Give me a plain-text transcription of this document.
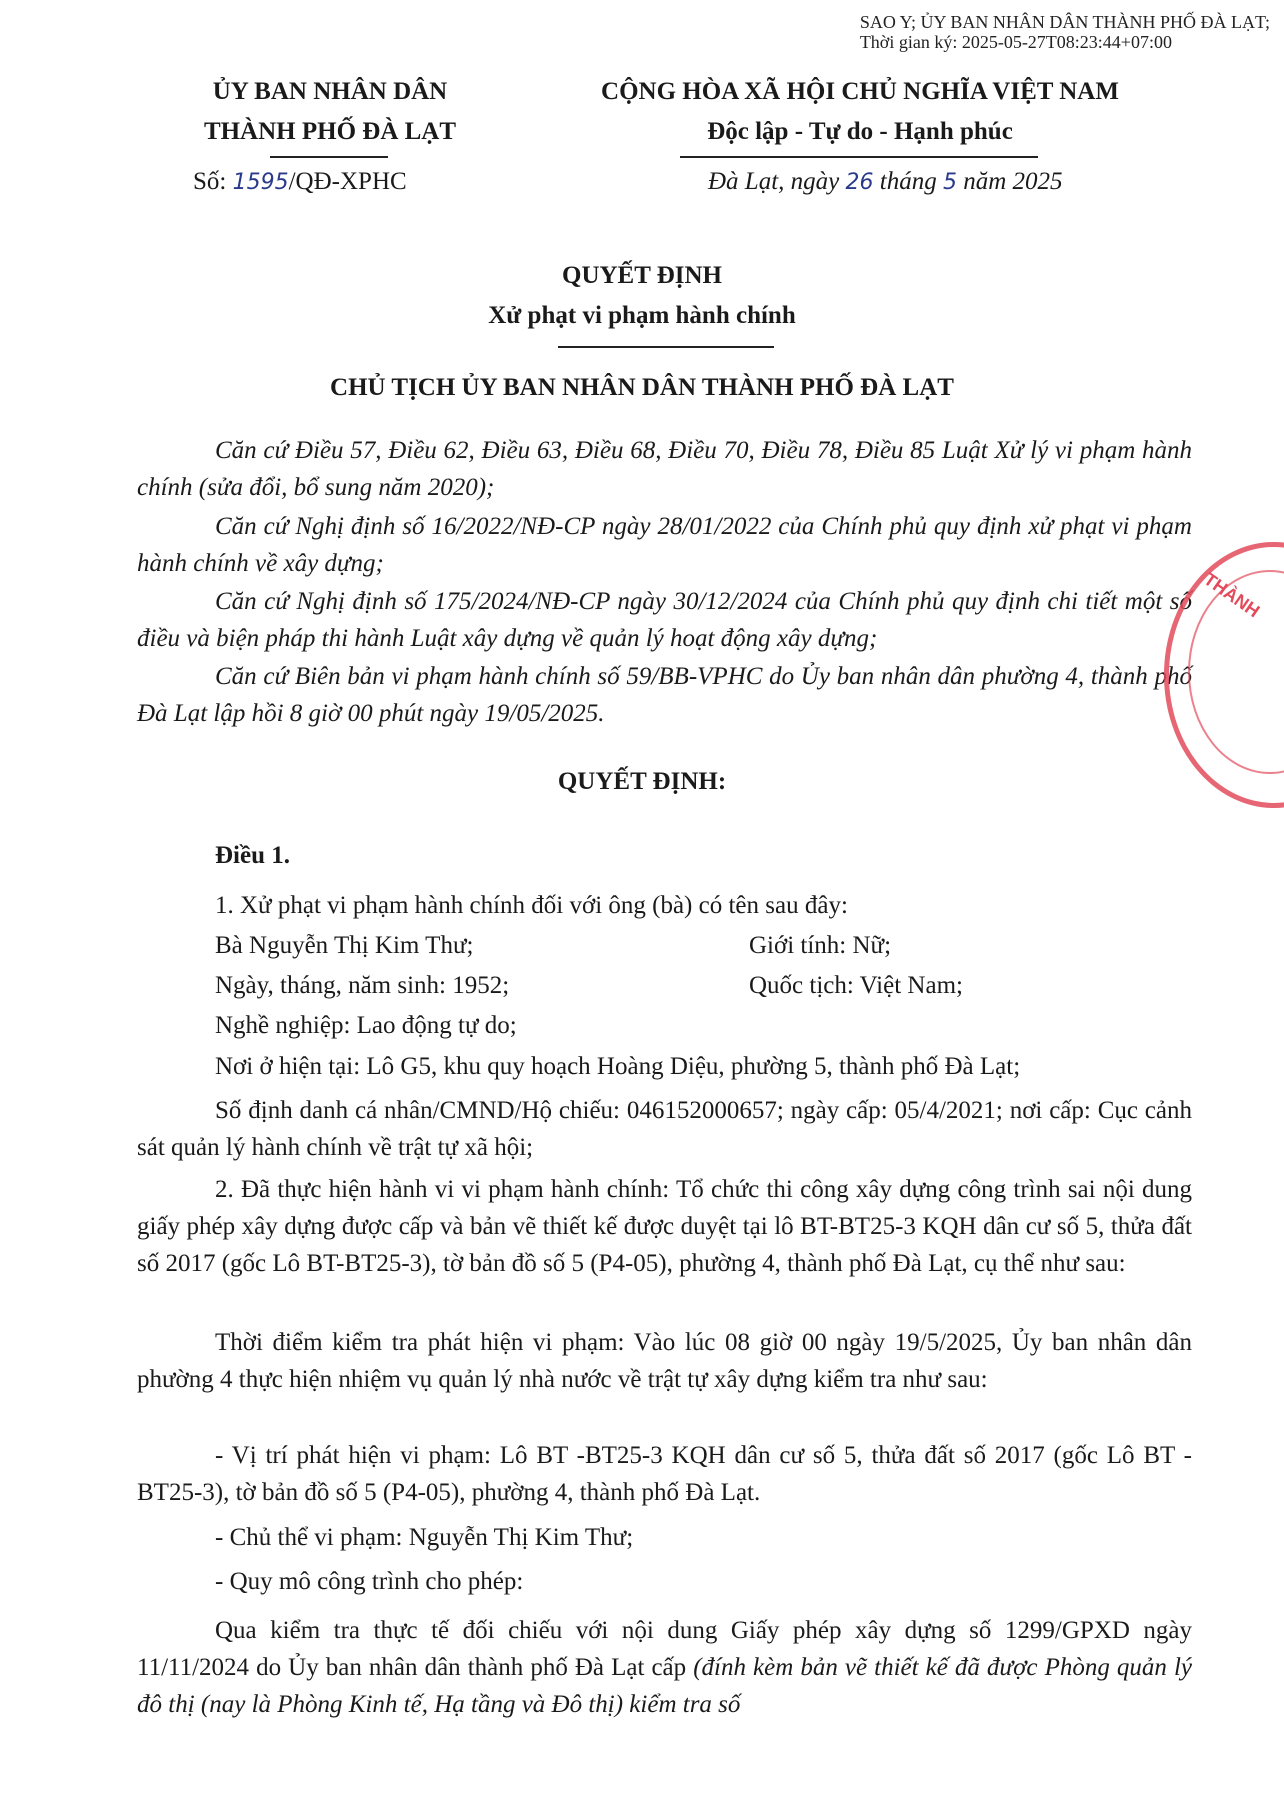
SAO Y; ỦY BAN NHÂN DÂN THÀNH PHỐ ĐÀ LẠT;
Thời gian ký: 2025-05-27T08:23:44+07:00
ỦY BAN NHÂN DÂN
THÀNH PHỐ ĐÀ LẠT
CỘNG HÒA XÃ HỘI CHỦ NGHĨA VIỆT NAM
Độc lập - Tự do - Hạnh phúc
Số: 1595/QĐ-XPHC	Đà Lạt, ngày 26 tháng 5 năm 2025
QUYẾT ĐỊNH
Xử phạt vi phạm hành chính
CHỦ TỊCH ỦY BAN NHÂN DÂN THÀNH PHỐ ĐÀ LẠT
Căn cứ Điều 57, Điều 62, Điều 63, Điều 68, Điều 70, Điều 78, Điều 85 Luật Xử lý vi phạm hành chính (sửa đổi, bổ sung năm 2020);
Căn cứ Nghị định số 16/2022/NĐ-CP ngày 28/01/2022 của Chính phủ quy định xử phạt vi phạm hành chính về xây dựng;
Căn cứ Nghị định số 175/2024/NĐ-CP ngày 30/12/2024 của Chính phủ quy định chi tiết một số điều và biện pháp thi hành Luật xây dựng về quản lý hoạt động xây dựng;
Căn cứ Biên bản vi phạm hành chính số 59/BB-VPHC do Ủy ban nhân dân phường 4, thành phố Đà Lạt lập hồi 8 giờ 00 phút ngày 19/05/2025.
QUYẾT ĐỊNH:
Điều 1.
1. Xử phạt vi phạm hành chính đối với ông (bà) có tên sau đây:
Bà Nguyễn Thị Kim Thư;	Giới tính: Nữ;
Ngày, tháng, năm sinh: 1952;	Quốc tịch: Việt Nam;
Nghề nghiệp: Lao động tự do;
Nơi ở hiện tại: Lô G5, khu quy hoạch Hoàng Diệu, phường 5, thành phố Đà Lạt;
Số định danh cá nhân/CMND/Hộ chiếu: 046152000657; ngày cấp: 05/4/2021; nơi cấp: Cục cảnh sát quản lý hành chính về trật tự xã hội;
2. Đã thực hiện hành vi vi phạm hành chính: Tổ chức thi công xây dựng công trình sai nội dung giấy phép xây dựng được cấp và bản vẽ thiết kế được duyệt tại lô BT-BT25-3 KQH dân cư số 5, thửa đất số 2017 (gốc Lô BT-BT25-3), tờ bản đồ số 5 (P4-05), phường 4, thành phố Đà Lạt, cụ thể như sau:
Thời điểm kiểm tra phát hiện vi phạm: Vào lúc 08 giờ 00 ngày 19/5/2025, Ủy ban nhân dân phường 4 thực hiện nhiệm vụ quản lý nhà nước về trật tự xây dựng kiểm tra như sau:
- Vị trí phát hiện vi phạm: Lô BT -BT25-3 KQH dân cư số 5, thửa đất số 2017 (gốc Lô BT -BT25-3), tờ bản đồ số 5 (P4-05), phường 4, thành phố Đà Lạt.
- Chủ thể vi phạm: Nguyễn Thị Kim Thư;
- Quy mô công trình cho phép:
Qua kiểm tra thực tế đối chiếu với nội dung Giấy phép xây dựng số 1299/GPXD ngày 11/11/2024 do Ủy ban nhân dân thành phố Đà Lạt cấp (đính kèm bản vẽ thiết kế đã được Phòng quản lý đô thị (nay là Phòng Kinh tế, Hạ tầng và Đô thị) kiểm tra số
THÀNH
